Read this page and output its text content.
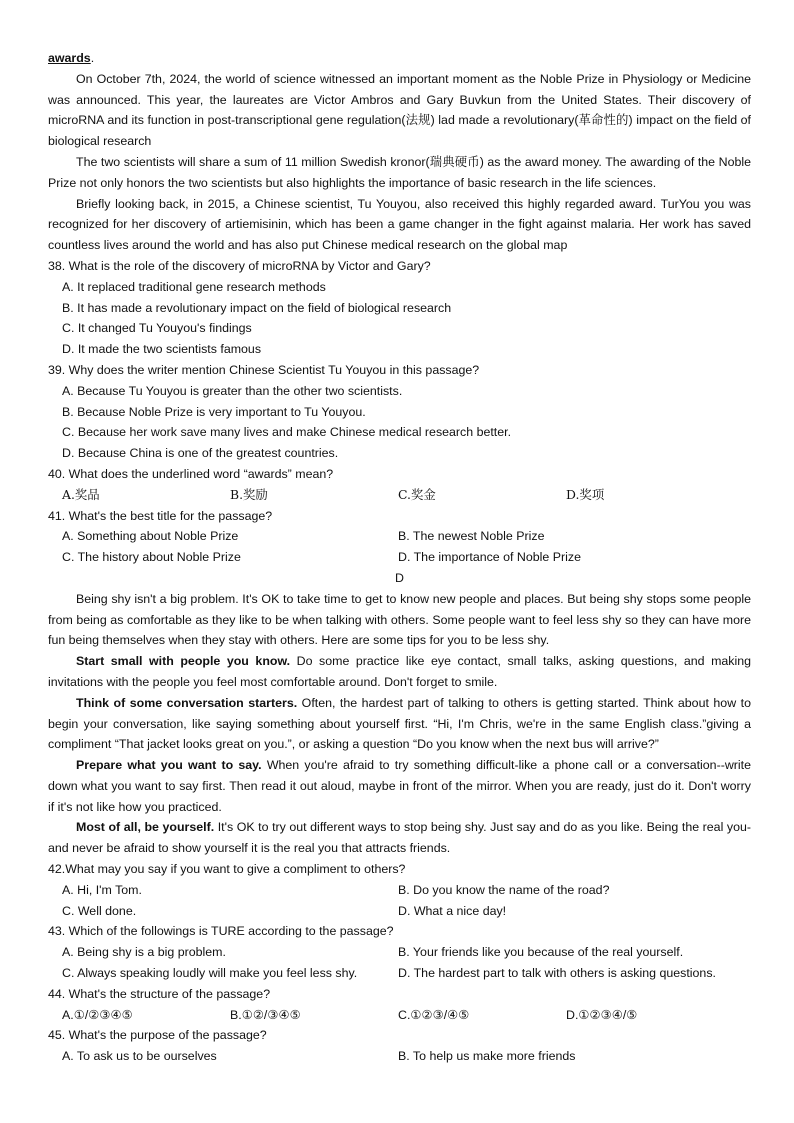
awards.

On October 7th, 2024, the world of science witnessed an important moment as the Noble Prize in Physiology or Medicine was announced. This year, the laureates are Victor Ambros and Gary Buvkun from the United States. Their discovery of microRNA and its function in post-transcriptional gene regulation(法规) lad made a revolutionary(革命性的) impact on the field of biological research

The two scientists will share a sum of 11 million Swedish kronor(瑞典硬币) as the award money. The awarding of the Noble Prize not only honors the two scientists but also highlights the importance of basic research in the life sciences.

Briefly looking back, in 2015, a Chinese scientist, Tu Youyou, also received this highly regarded award. TurYou you was recognized for her discovery of artiemisinin, which has been a game changer in the fight against malaria. Her work has saved countless lives around the world and has also put Chinese medical research on the global map

38. What is the role of the discovery of microRNA by Victor and Gary?

A. It replaced traditional gene research methods

B. It has made a revolutionary impact on the field of biological research

C. It changed Tu Youyou's findings

D. It made the two scientists famous

39. Why does the writer mention Chinese Scientist Tu Youyou in this passage?

A. Because Tu Youyou is greater than the other two scientists.

B. Because Noble Prize is very important to Tu Youyou.

C. Because her work save many lives and make Chinese medical research better.

D. Because China is one of the greatest countries.

40. What does the underlined word “awards” mean?

A.奖品	B.奖励	C.奖金	D.奖项

41. What's the best title for the passage?

A. Something about Noble Prize	B. The newest Noble Prize
C. The history about Noble Prize	D. The importance of Noble Prize
D

Being shy isn't a big problem. It's OK to take time to get to know new people and places. But being shy stops some people from being as comfortable as they like to be when talking with others. Some people want to feel less shy so they can have more fun being themselves when they stay with others. Here are some tips for you to be less shy.

Start small with people you know. Do some practice like eye contact, small talks, asking questions, and making invitations with the people you feel most comfortable around. Don't forget to smile.

Think of some conversation starters. Often, the hardest part of talking to others is getting started. Think about how to begin your conversation, like saying something about yourself first. “Hi, I'm Chris, we're in the same English class.”giving a compliment “That jacket looks great on you.”, or asking a question “Do you know when the next bus will arrive?”

Prepare what you want to say. When you're afraid to try something difficult-like a phone call or a conversation--write down what you want to say first. Then read it out aloud, maybe in front of the mirror. When you are ready, just do it. Don't worry if it's not like how you practiced.

Most of all, be yourself. It's OK to try out different ways to stop being shy. Just say and do as you like. Being the real you-and never be afraid to show yourself it is the real you that attracts friends.

42.What may you say if you want to give a compliment to others?

A. Hi, I'm Tom.	B. Do you know the name of the road?
C. Well done.	D. What a nice day!

43. Which of the followings is TURE according to the passage?

A. Being shy is a big problem.	B. Your friends like you because of the real yourself.
C. Always speaking loudly will make you feel less shy.	D. The hardest part to talk with others is asking questions.

44. What's the structure of the passage?

A.①/②③④⑤	B.①②/③④⑤	C.①②③/④⑤	D.①②③④/⑤

45. What's the purpose of the passage?

A. To ask us to be ourselves	B. To help us make more friends
